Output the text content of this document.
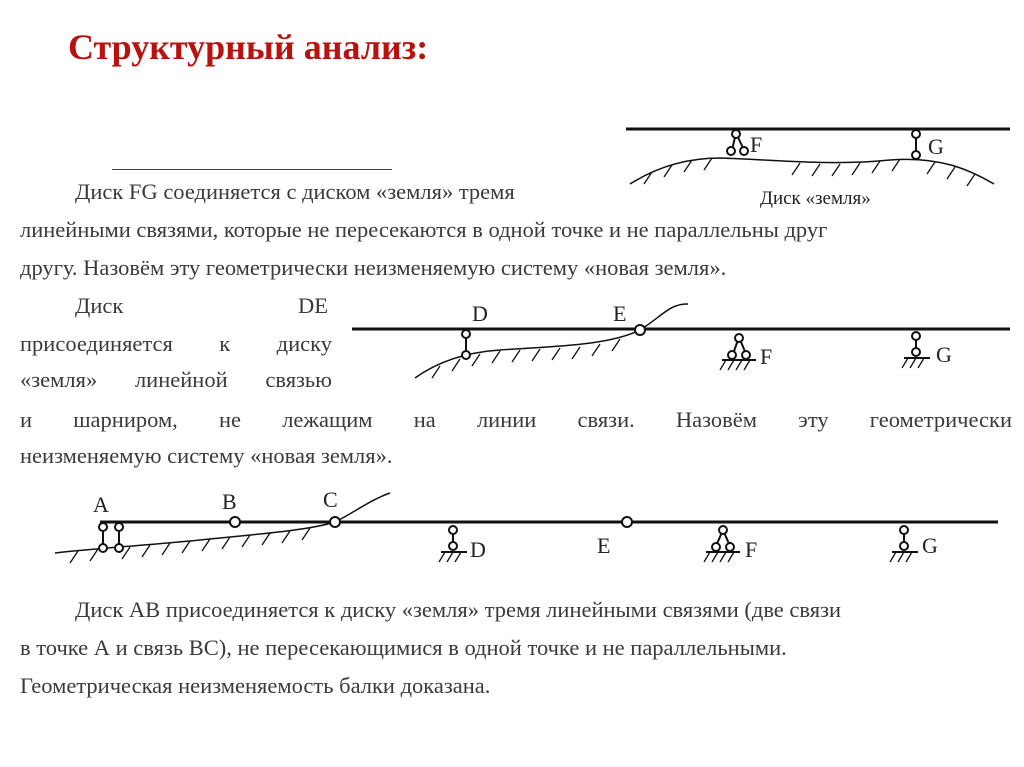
Структурный анализ:
Диск FG соединяется с диском «земля» тремя
линейными связями, которые не пересекаются в одной точке и не параллельны друг
другу. Назовём эту геометрически неизменяемую систему «новая земля».
Диск	DE
присоединяется к диску
«земля» линейной связью
и шарниром, не лежащим на линии связи. Назовём эту геометрически
неизменяемую систему «новая земля».
Диск AB присоединяется к диску «земля» тремя линейными связями (две связи
в точке А и связь BC), не пересекающимися в одной точке и не параллельными.
Геометрическая неизменяемость балки доказана.
F	G
Диск «земля»
D	E
F	G
A	B	C
D	E	F	G
